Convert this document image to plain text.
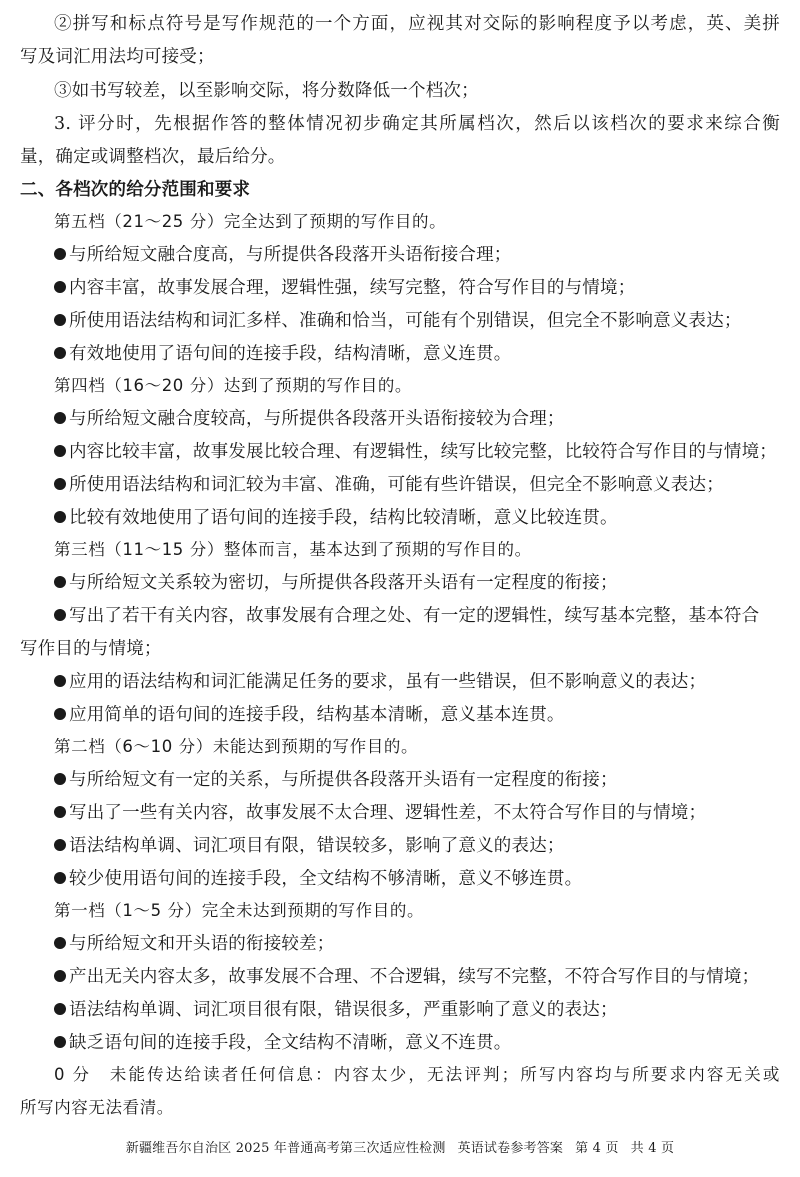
②拼写和标点符号是写作规范的一个方面，应视其对交际的影响程度予以考虑，英、美拼
写及词汇用法均可接受；
③如书写较差，以至影响交际，将分数降低一个档次；
3. 评分时，先根据作答的整体情况初步确定其所属档次，然后以该档次的要求来综合衡
量，确定或调整档次，最后给分。
二、各档次的给分范围和要求
第五档（21～25 分）完全达到了预期的写作目的。
与所给短文融合度高，与所提供各段落开头语衔接合理；
内容丰富，故事发展合理，逻辑性强，续写完整，符合写作目的与情境；
所使用语法结构和词汇多样、准确和恰当，可能有个别错误，但完全不影响意义表达；
有效地使用了语句间的连接手段，结构清晰，意义连贯。
第四档（16～20 分）达到了预期的写作目的。
与所给短文融合度较高，与所提供各段落开头语衔接较为合理；
内容比较丰富，故事发展比较合理、有逻辑性，续写比较完整，比较符合写作目的与情境；
所使用语法结构和词汇较为丰富、准确，可能有些许错误，但完全不影响意义表达；
比较有效地使用了语句间的连接手段，结构比较清晰，意义比较连贯。
第三档（11～15 分）整体而言，基本达到了预期的写作目的。
与所给短文关系较为密切，与所提供各段落开头语有一定程度的衔接；
写出了若干有关内容，故事发展有合理之处、有一定的逻辑性，续写基本完整，基本符合
写作目的与情境；
应用的语法结构和词汇能满足任务的要求，虽有一些错误，但不影响意义的表达；
应用简单的语句间的连接手段，结构基本清晰，意义基本连贯。
第二档（6～10 分）未能达到预期的写作目的。
与所给短文有一定的关系，与所提供各段落开头语有一定程度的衔接；
写出了一些有关内容，故事发展不太合理、逻辑性差，不太符合写作目的与情境；
语法结构单调、词汇项目有限，错误较多，影响了意义的表达；
较少使用语句间的连接手段，全文结构不够清晰，意义不够连贯。
第一档（1～5 分）完全未达到预期的写作目的。
与所给短文和开头语的衔接较差；
产出无关内容太多，故事发展不合理、不合逻辑，续写不完整，不符合写作目的与情境；
语法结构单调、词汇项目很有限，错误很多，严重影响了意义的表达；
缺乏语句间的连接手段，全文结构不清晰，意义不连贯。
0 分　未能传达给读者任何信息：内容太少，无法评判；所写内容均与所要求内容无关或
所写内容无法看清。
新疆维吾尔自治区 2025 年普通高考第三次适应性检测 英语试卷参考答案 第 4 页 共 4 页
